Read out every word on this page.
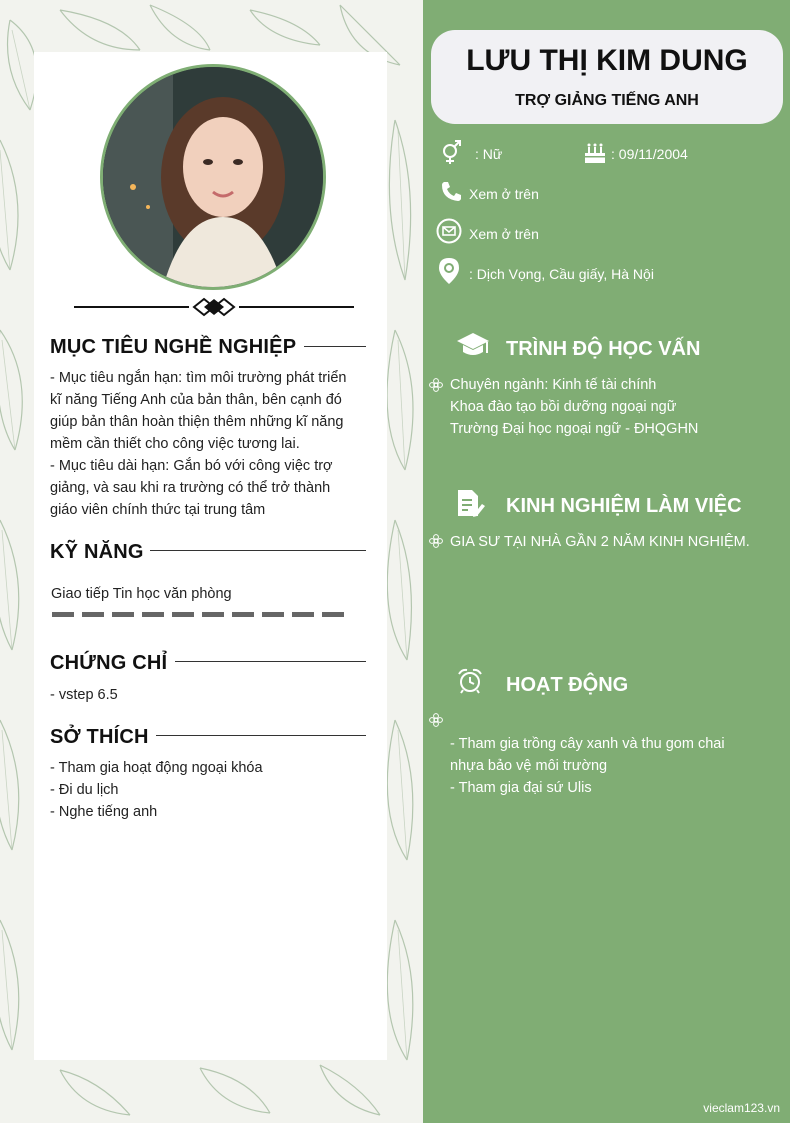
MỤC TIÊU NGHỀ NGHIỆP
- Mục tiêu ngắn hạn: tìm môi trường phát triển
kĩ năng Tiếng Anh của bản thân, bên cạnh đó
giúp bản thân hoàn thiện thêm những kĩ năng
mềm cần thiết cho công việc tương lai.
- Mục tiêu dài hạn: Gắn bó với công việc trợ
giảng, và sau khi ra trường có thể trở thành
giáo viên chính thức tại trung tâm
KỸ NĂNG
Giao tiếp Tin học văn phòng
CHỨNG CHỈ
- vstep 6.5
SỞ THÍCH
- Tham gia hoạt động ngoại khóa
- Đi du lịch
- Nghe tiếng anh
LƯU THỊ KIM DUNG
TRỢ GIẢNG TIẾNG ANH
: Nữ	: 09/11/2004
Xem ở trên
Xem ở trên
: Dịch Vọng, Cầu giấy, Hà Nội
TRÌNH ĐỘ HỌC VẤN
Chuyên ngành: Kinh tế tài chính
Khoa đào tạo bồi dưỡng ngoại ngữ
Trường Đại học ngoại ngữ - ĐHQGHN
KINH NGHIỆM LÀM VIỆC
GIA SƯ TẠI NHÀ GẦN 2 NĂM KINH NGHIỆM.
HOẠT ĐỘNG
- Tham gia trồng cây xanh và thu gom chai
nhựa bảo vệ môi trường
- Tham gia đại sứ Ulis
vieclam123.vn
